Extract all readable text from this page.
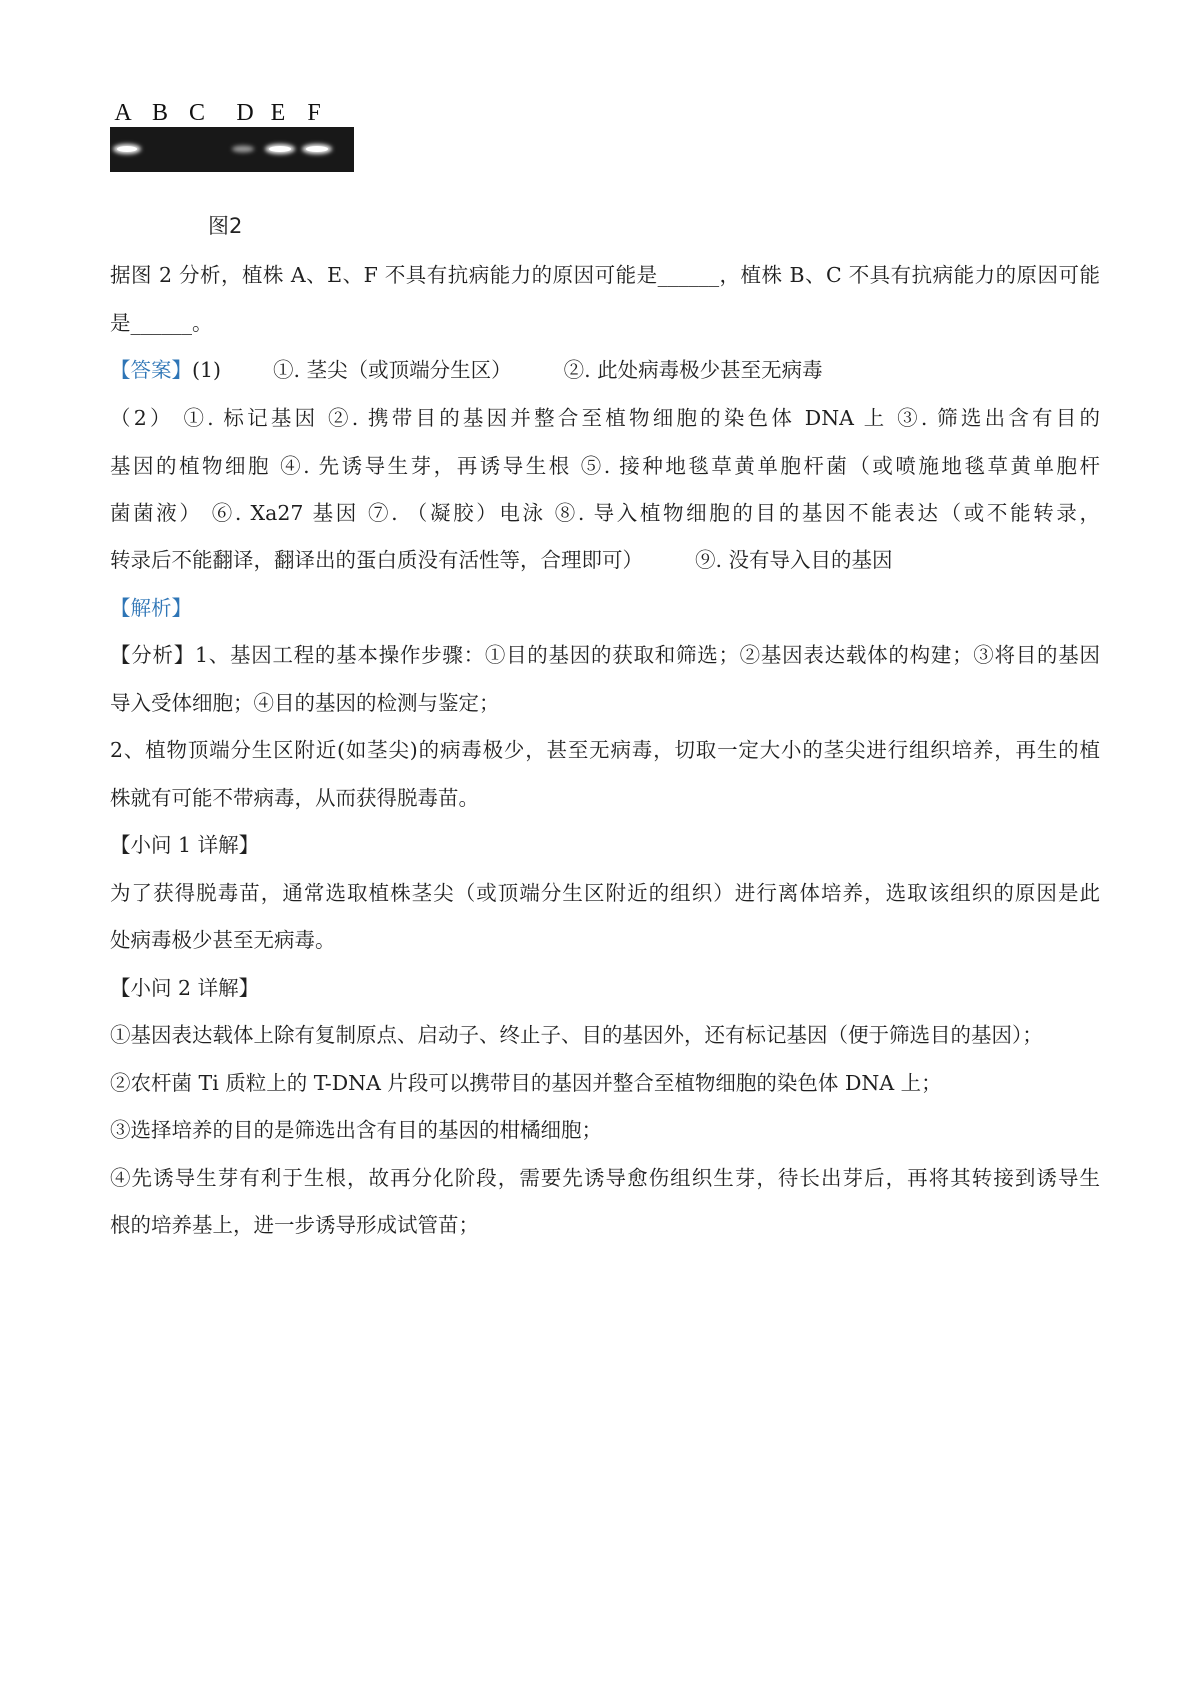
A B C D E F
图2
据图 2 分析，植株 A、E、F 不具有抗病能力的原因可能是______，植株 B、C 不具有抗病能力的原因可能
是______。
【答案】(1)	①. 茎尖（或顶端分生区）	②. 此处病毒极少甚至无病毒
（2） ①. 标记基因 ②. 携带目的基因并整合至植物细胞的染色体 DNA 上 ③. 筛选出含有目的
基因的植物细胞 ④. 先诱导生芽，再诱导生根 ⑤. 接种地毯草黄单胞杆菌（或喷施地毯草黄单胞杆
菌菌液） ⑥. Xa27 基因 ⑦. （凝胶）电泳 ⑧. 导入植物细胞的目的基因不能表达（或不能转录，
转录后不能翻译，翻译出的蛋白质没有活性等，合理即可）	⑨. 没有导入目的基因
【解析】
【分析】1、基因工程的基本操作步骤：①目的基因的获取和筛选；②基因表达载体的构建；③将目的基因
导入受体细胞；④目的基因的检测与鉴定；
2、植物顶端分生区附近(如茎尖)的病毒极少，甚至无病毒，切取一定大小的茎尖进行组织培养，再生的植
株就有可能不带病毒，从而获得脱毒苗。
【小问 1 详解】
为了获得脱毒苗，通常选取植株茎尖（或顶端分生区附近的组织）进行离体培养，选取该组织的原因是此
处病毒极少甚至无病毒。
【小问 2 详解】
①基因表达载体上除有复制原点、启动子、终止子、目的基因外，还有标记基因（便于筛选目的基因）；
②农杆菌 Ti 质粒上的 T-DNA 片段可以携带目的基因并整合至植物细胞的染色体 DNA 上；
③选择培养的目的是筛选出含有目的基因的柑橘细胞；
④先诱导生芽有利于生根，故再分化阶段，需要先诱导愈伤组织生芽，待长出芽后，再将其转接到诱导生
根的培养基上，进一步诱导形成试管苗；
